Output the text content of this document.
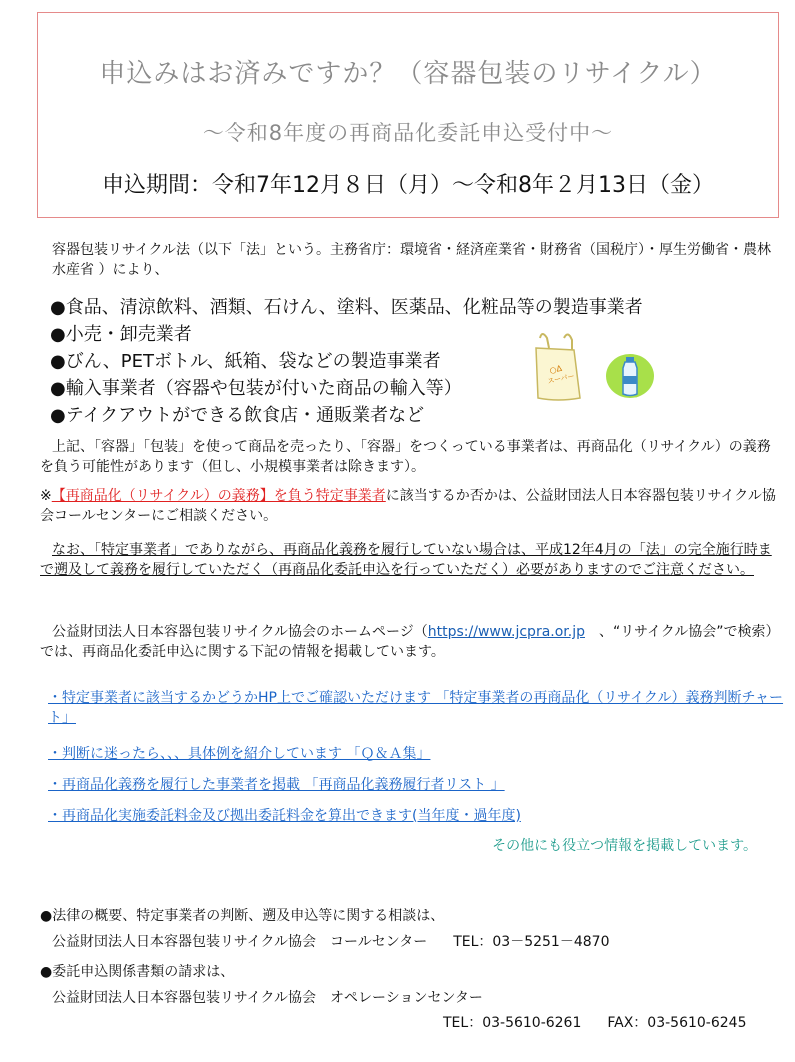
申込みはお済みですか？（容器包装のリサイクル）
～令和8年度の再商品化委託申込受付中～
申込期間：令和7年12月８日（月）～令和8年２月13日（金）
容器包装リサイクル法（以下「法」という。主務省庁：環境省・経済産業省・財務省（国税庁）・厚生労働省・農林水産省 ）により、
●食品、清涼飲料、酒類、石けん、塗料、医薬品、化粧品等の製造事業者
●小売・卸売業者
●びん、PETボトル、紙箱、袋などの製造事業者
●輸入事業者（容器や包装が付いた商品の輸入等）
●テイクアウトができる飲食店・通販業者など
○Δ
スーパー
上記、「容器」「包装」を使って商品を売ったり、「容器」をつくっている事業者は、再商品化（リサイクル）の義務を負う可能性があります（但し、小規模事業者は除きます）。
※【再商品化（リサイクル）の義務】を負う特定事業者に該当するか否かは、公益財団法人日本容器包装リサイクル協会コールセンターにご相談ください。
なお、「特定事業者」でありながら、再商品化義務を履行していない場合は、平成12年4月の「法」の完全施行時まで遡及して義務を履行していただく（再商品化委託申込を行っていただく）必要がありますのでご注意ください。
公益財団法人日本容器包装リサイクル協会のホームページ（https://www.jcpra.or.jp　、“リサイクル協会”で検索）では、再商品化委託申込に関する下記の情報を掲載しています。
・特定事業者に該当するかどうかHP上でご確認いただけます 「特定事業者の再商品化（リサイクル）義務判断チャート」
・判断に迷ったら、、、具体例を紹介しています 「Ｑ＆Ａ集」
・再商品化義務を履行した事業者を掲載 「再商品化義務履行者リスト 」
・再商品化実施委託料金及び拠出委託料金を算出できます(当年度・過年度)
その他にも役立つ情報を掲載しています。
●法律の概要、特定事業者の判断、遡及申込等に関する相談は、
公益財団法人日本容器包装リサイクル協会　コールセンター TEL：03－5251－4870
●委託申込関係書類の請求は、
公益財団法人日本容器包装リサイクル協会　オペレーションセンター
TEL：03-5610-6261 FAX：03-5610-6245
